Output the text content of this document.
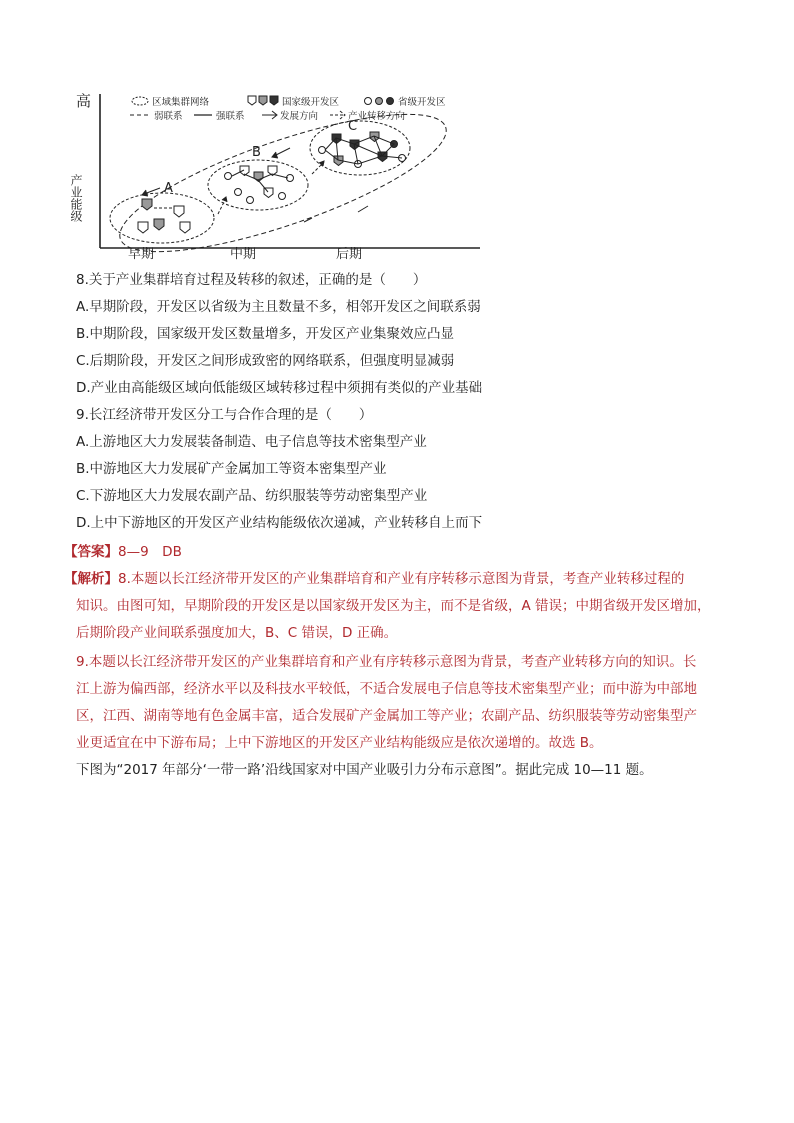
高
产业能级
早期	中期	后期
区域集群网络	国家级开发区	省级开发区
弱联系	强联系	发展方向	产业转移方向
A
B
C
8.关于产业集群培育过程及转移的叙述，正确的是（　　）
A.早期阶段，开发区以省级为主且数量不多，相邻开发区之间联系弱
B.中期阶段，国家级开发区数量增多，开发区产业集聚效应凸显
C.后期阶段，开发区之间形成致密的网络联系，但强度明显减弱
D.产业由高能级区域向低能级区域转移过程中须拥有类似的产业基础
9.长江经济带开发区分工与合作合理的是（　　）
A.上游地区大力发展装备制造、电子信息等技术密集型产业
B.中游地区大力发展矿产金属加工等资本密集型产业
C.下游地区大力发展农副产品、纺织服装等劳动密集型产业
D.上中下游地区的开发区产业结构能级依次递减，产业转移自上而下
【答案】8—9　DB
【解析】8.本题以长江经济带开发区的产业集群培育和产业有序转移示意图为背景，考查产业转移过程的
知识。由图可知，早期阶段的开发区是以国家级开发区为主，而不是省级，A 错误；中期省级开发区增加，
后期阶段产业间联系强度加大，B、C 错误，D 正确。
9.本题以长江经济带开发区的产业集群培育和产业有序转移示意图为背景，考查产业转移方向的知识。长
江上游为偏西部，经济水平以及科技水平较低，不适合发展电子信息等技术密集型产业；而中游为中部地
区，江西、湖南等地有色金属丰富，适合发展矿产金属加工等产业；农副产品、纺织服装等劳动密集型产
业更适宜在中下游布局；上中下游地区的开发区产业结构能级应是依次递增的。故选 B。
下图为“2017 年部分‘一带一路’沿线国家对中国产业吸引力分布示意图”。据此完成 10—11 题。
